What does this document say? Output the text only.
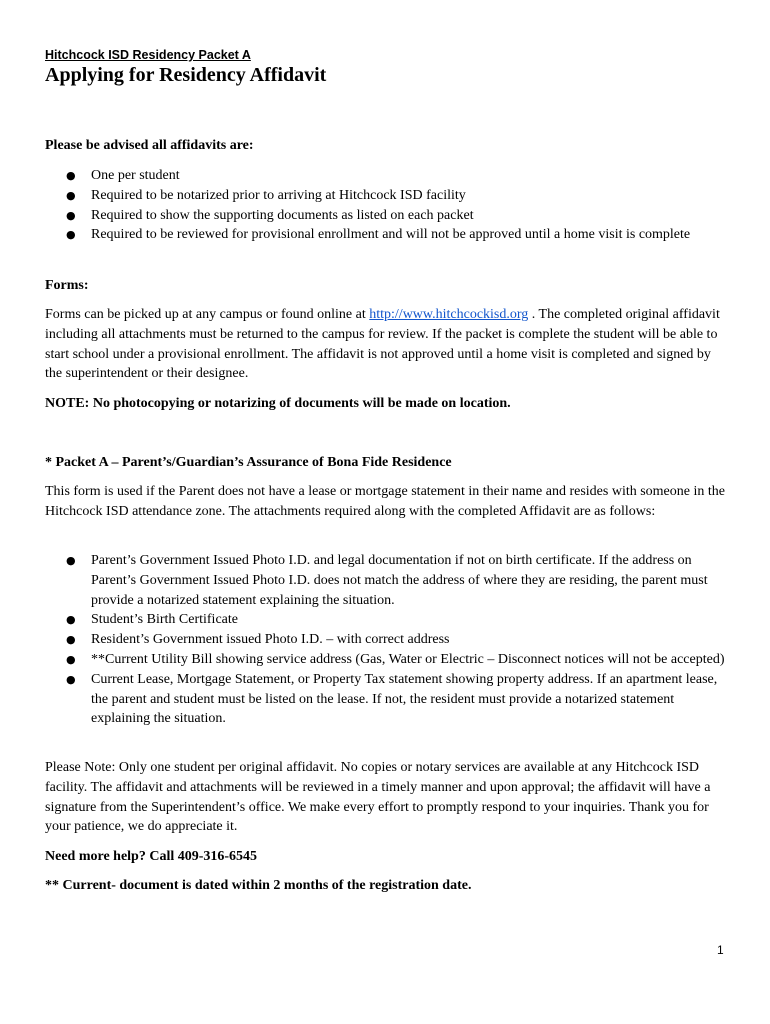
Hitchcock ISD Residency Packet A
Applying for Residency Affidavit

Please be advised all affidavits are:

● One per student
● Required to be notarized prior to arriving at Hitchcock ISD facility
● Required to show the supporting documents as listed on each packet
● Required to be reviewed for provisional enrollment and will not be approved until a home visit is complete

Forms:

Forms can be picked up at any campus or found online at http://www.hitchcockisd.org . The completed original affidavit including all attachments must be returned to the campus for review. If the packet is complete the student will be able to start school under a provisional enrollment. The affidavit is not approved until a home visit is completed and signed by the superintendent or their designee.

NOTE: No photocopying or notarizing of documents will be made on location.

* Packet A – Parent’s/Guardian’s Assurance of Bona Fide Residence

This form is used if the Parent does not have a lease or mortgage statement in their name and resides with someone in the Hitchcock ISD attendance zone. The attachments required along with the completed Affidavit are as follows:

● Parent’s Government Issued Photo I.D. and legal documentation if not on birth certificate. If the address on Parent’s Government Issued Photo I.D. does not match the address of where they are residing, the parent must provide a notarized statement explaining the situation.
● Student’s Birth Certificate
● Resident’s Government issued Photo I.D. – with correct address
● **Current Utility Bill showing service address (Gas, Water or Electric – Disconnect notices will not be accepted)
● Current Lease, Mortgage Statement, or Property Tax statement showing property address. If an apartment lease, the parent and student must be listed on the lease. If not, the resident must provide a notarized statement explaining the situation.

Please Note: Only one student per original affidavit. No copies or notary services are available at any Hitchcock ISD facility. The affidavit and attachments will be reviewed in a timely manner and upon approval; the affidavit will have a signature from the Superintendent’s office. We make every effort to promptly respond to your inquiries. Thank you for your patience, we do appreciate it.

Need more help? Call 409-316-6545

** Current- document is dated within 2 months of the registration date.

1
